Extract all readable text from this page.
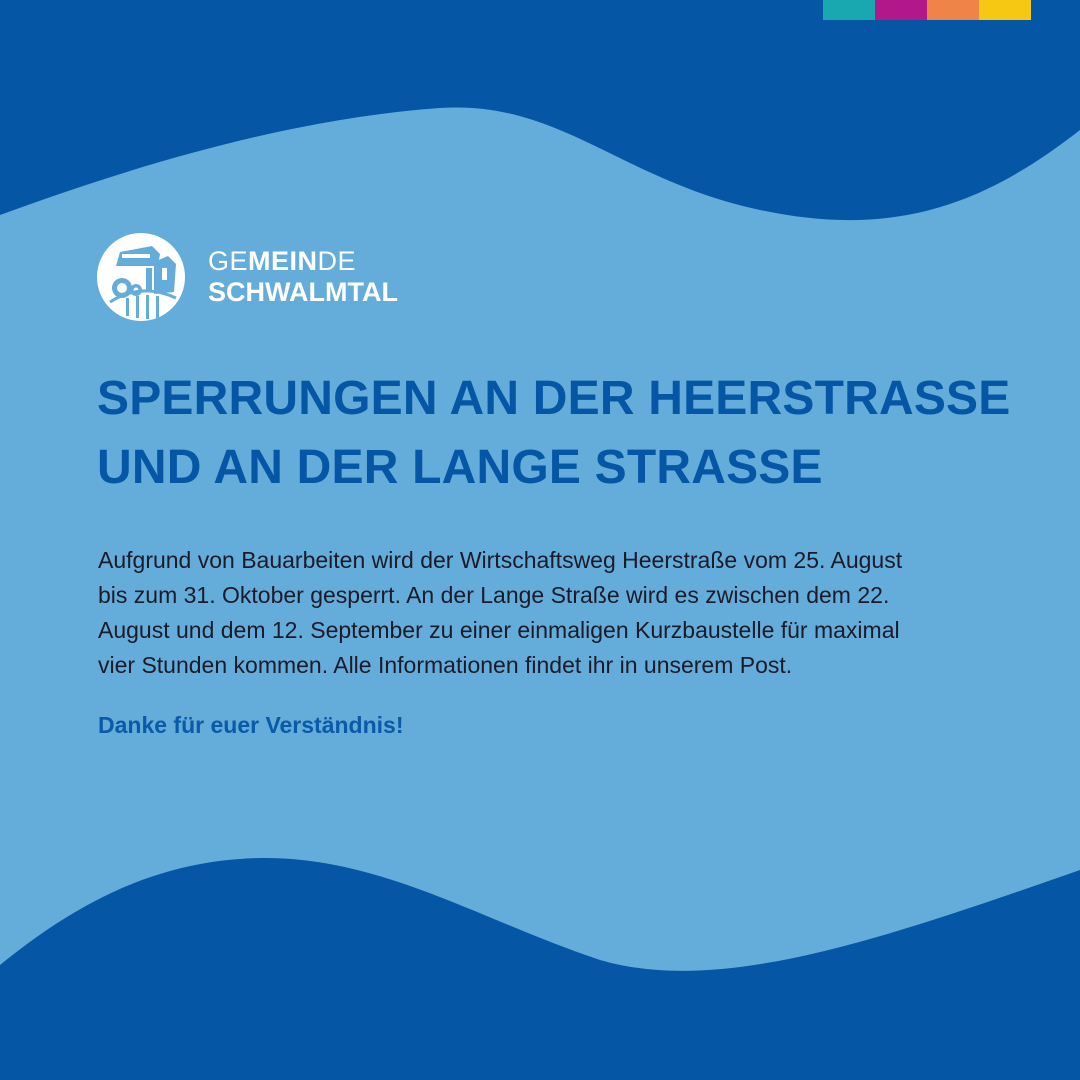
GEMEINDE
SCHWALMTAL
SPERRUNGEN AN DER HEERSTRASSE
UND AN DER LANGE STRASSE

Aufgrund von Bauarbeiten wird der Wirtschaftsweg Heerstraße vom 25. August
bis zum 31. Oktober gesperrt. An der Lange Straße wird es zwischen dem 22.
August und dem 12. September zu einer einmaligen Kurzbaustelle für maximal
vier Stunden kommen. Alle Informationen findet ihr in unserem Post.

Danke für euer Verständnis!
